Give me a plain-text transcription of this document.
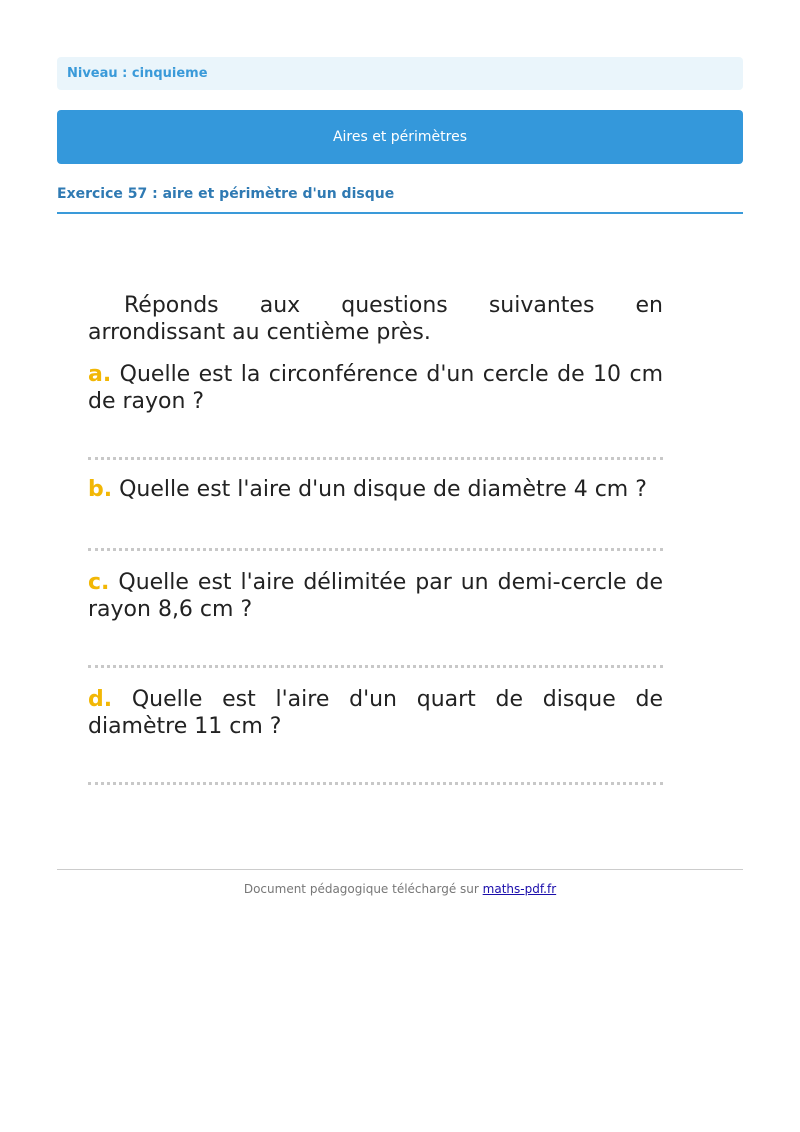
Niveau : cinquieme
Aires et périmètres
Exercice 57 : aire et périmètre d'un disque

Réponds aux questions suivantes en arrondissant au centième près.

a. Quelle est la circonférence d'un cercle de 10 cm de rayon ?

b. Quelle est l'aire d'un disque de diamètre 4 cm ?

c. Quelle est l'aire délimitée par un demi-cercle de rayon 8,6 cm ?

d. Quelle est l'aire d'un quart de disque de diamètre 11 cm ?

Document pédagogique téléchargé sur maths-pdf.fr
